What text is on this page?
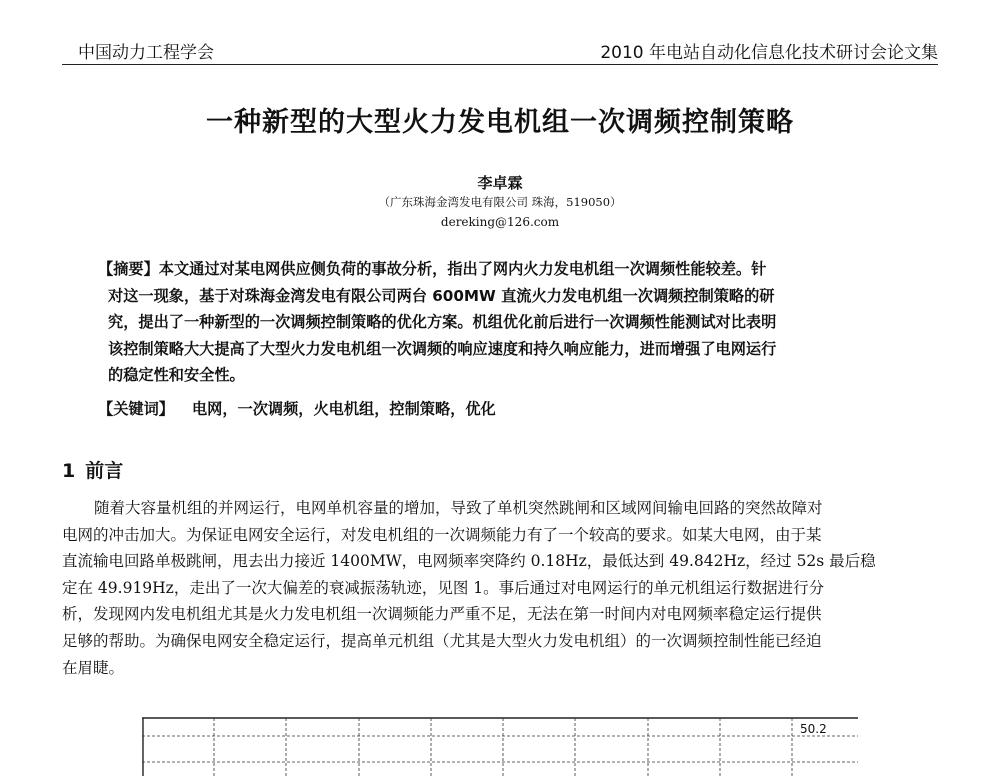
中国动力工程学会	2010 年电站自动化信息化技术研讨会论文集
一种新型的大型火力发电机组一次调频控制策略
李卓霖
（广东珠海金湾发电有限公司 珠海，519050）
dereking@126.com
【摘要】本文通过对某电网供应侧负荷的事故分析，指出了网内火力发电机组一次调频性能较差。针
对这一现象，基于对珠海金湾发电有限公司两台 600MW 直流火力发电机组一次调频控制策略的研
究，提出了一种新型的一次调频控制策略的优化方案。机组优化前后进行一次调频性能测试对比表明
该控制策略大大提高了大型火力发电机组一次调频的响应速度和持久响应能力，进而增强了电网运行
的稳定性和安全性。
【关键词】 电网，一次调频，火电机组，控制策略，优化
1 前言
随着大容量机组的并网运行，电网单机容量的增加，导致了单机突然跳闸和区域网间输电回路的突然故障对
电网的冲击加大。为保证电网安全运行，对发电机组的一次调频能力有了一个较高的要求。如某大电网，由于某
直流输电回路单极跳闸，甩去出力接近 1400MW，电网频率突降约 0.18Hz，最低达到 49.842Hz，经过 52s 最后稳
定在 49.919Hz，走出了一次大偏差的衰减振荡轨迹，见图 1。事后通过对电网运行的单元机组运行数据进行分
析，发现网内发电机组尤其是火力发电机组一次调频能力严重不足，无法在第一时间内对电网频率稳定运行提供
足够的帮助。为确保电网安全稳定运行，提高单元机组（尤其是大型火力发电机组）的一次调频控制性能已经迫
在眉睫。
50.2
